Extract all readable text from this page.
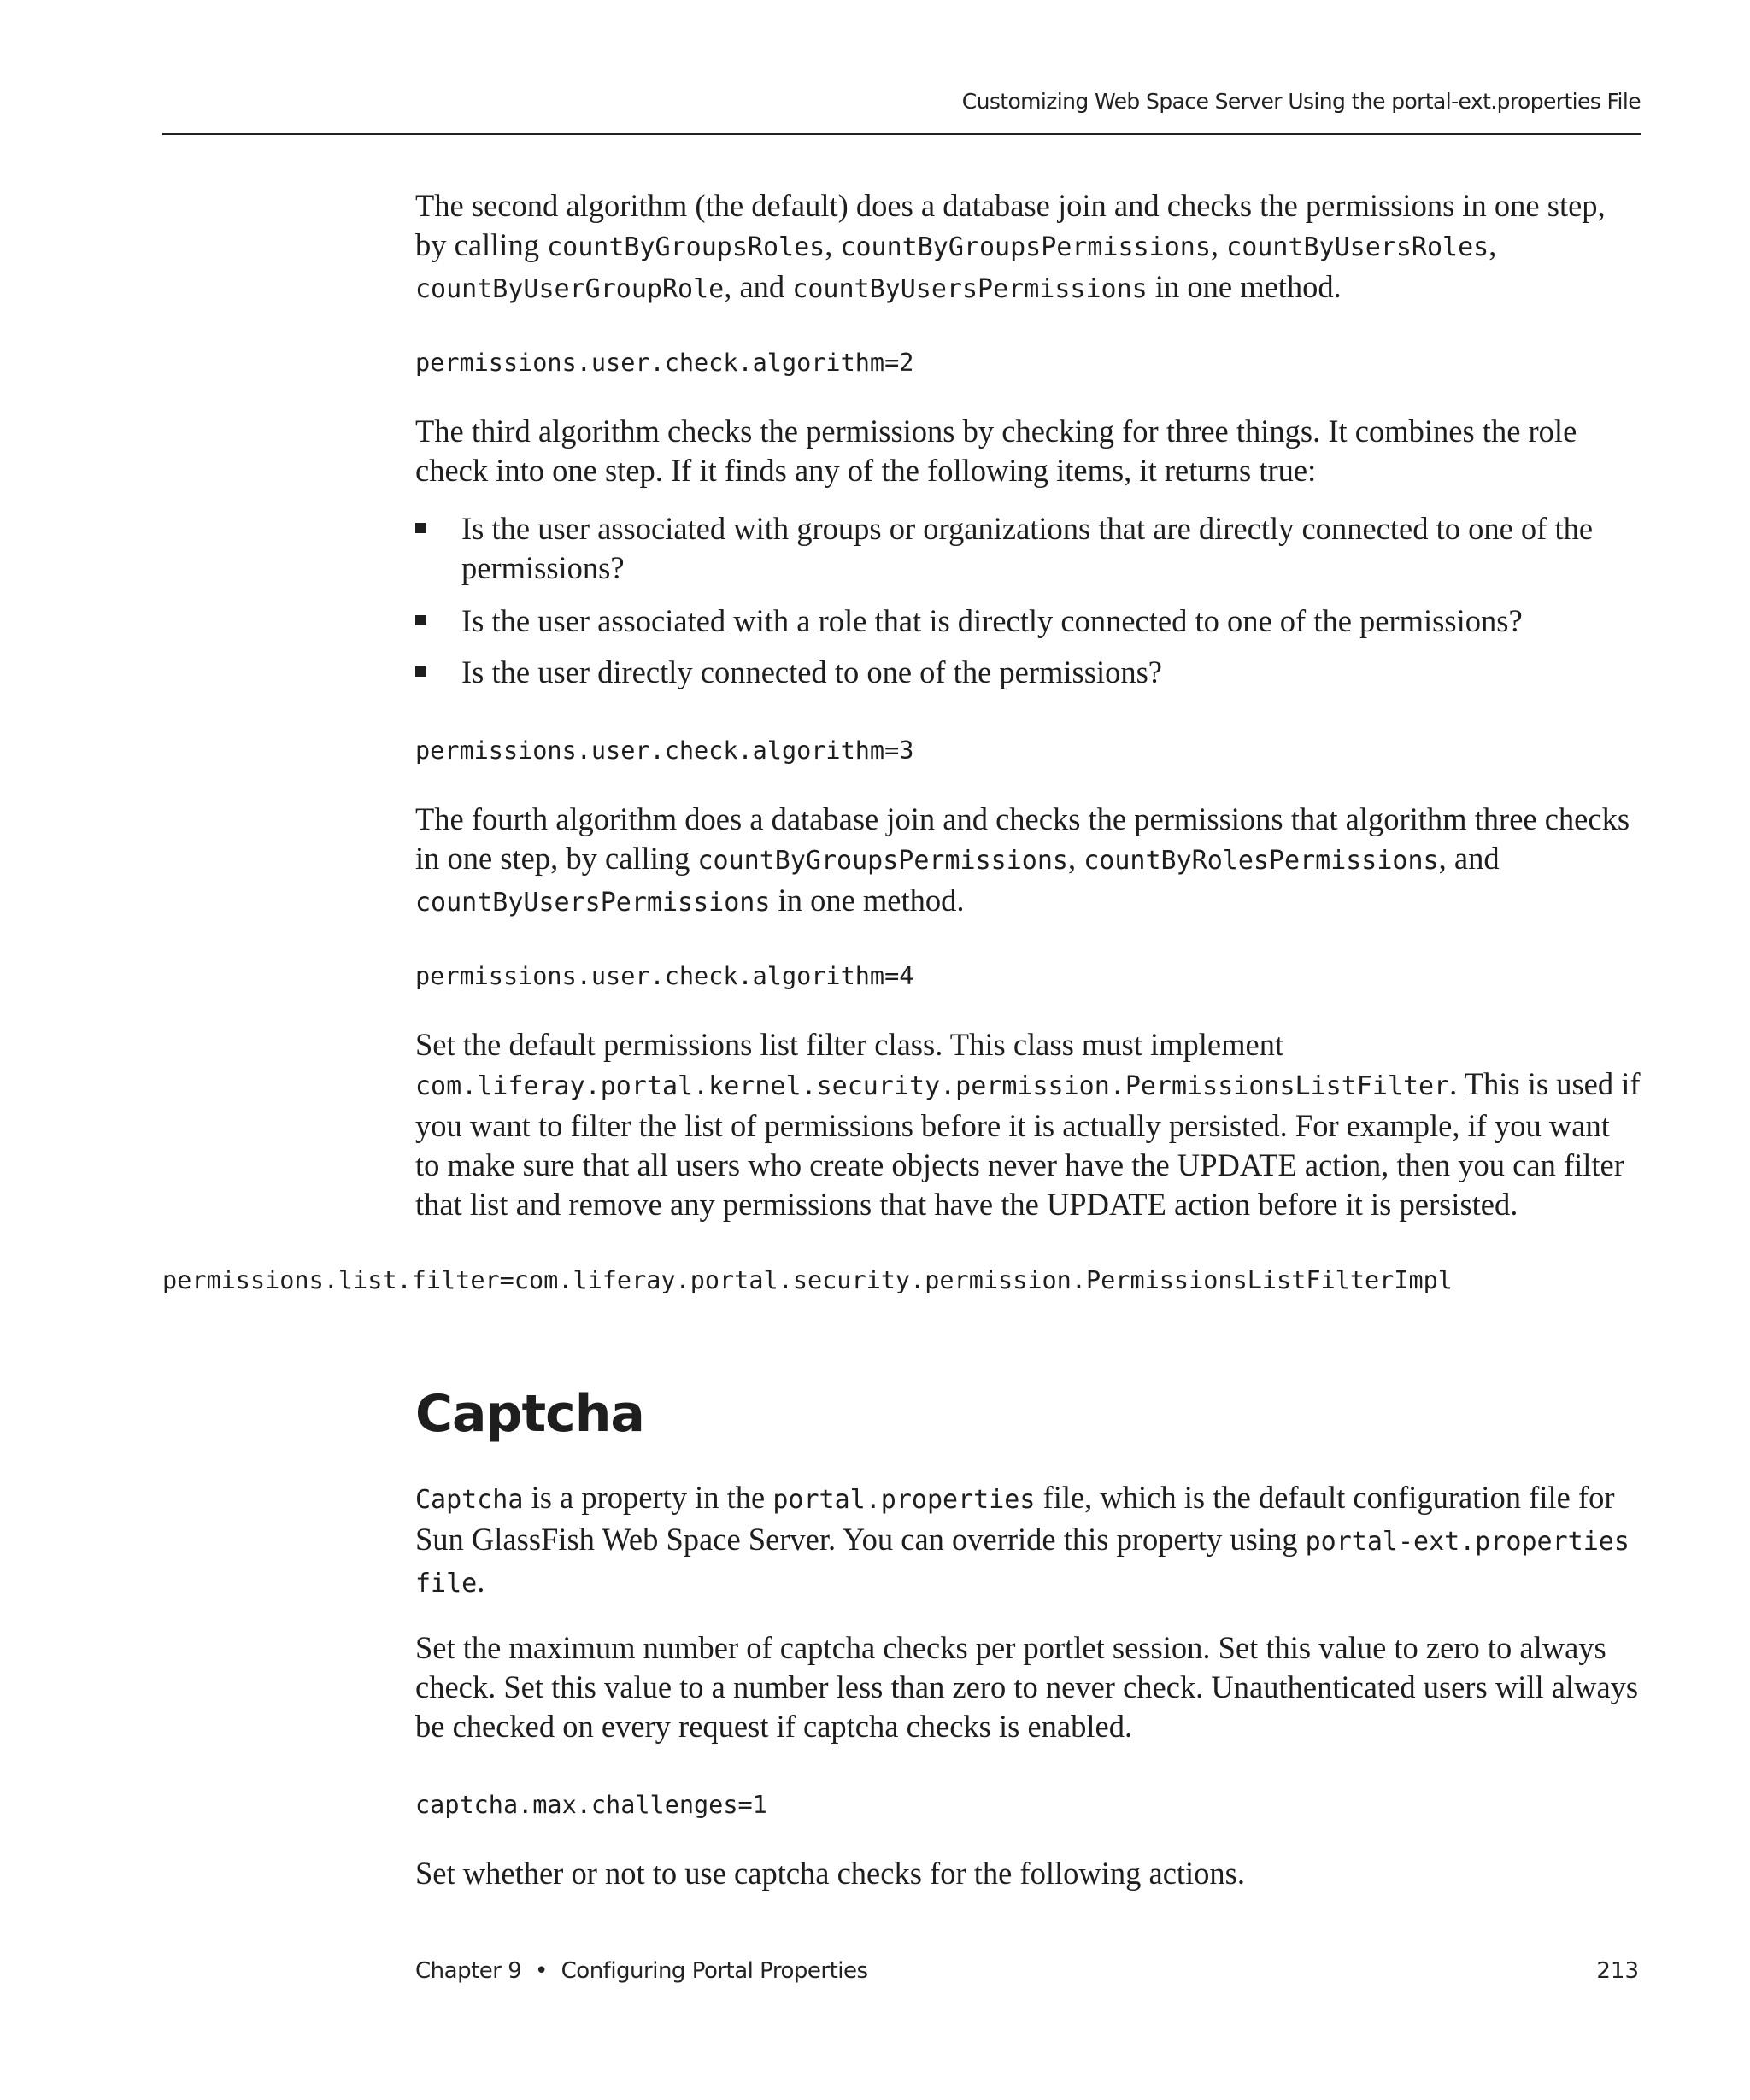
Customizing Web Space Server Using the portal-ext.properties File

The second algorithm (the default) does a database join and checks the permissions in one step, by calling countByGroupsRoles, countByGroupsPermissions, countByUsersRoles, countByUserGroupRole, and countByUsersPermissions in one method.

permissions.user.check.algorithm=2

The third algorithm checks the permissions by checking for three things. It combines the role check into one step. If it finds any of the following items, it returns true:

Is the user associated with groups or organizations that are directly connected to one of the permissions?

Is the user associated with a role that is directly connected to one of the permissions?

Is the user directly connected to one of the permissions?

permissions.user.check.algorithm=3

The fourth algorithm does a database join and checks the permissions that algorithm three checks in one step, by calling countByGroupsPermissions, countByRolesPermissions, and countByUsersPermissions in one method.

permissions.user.check.algorithm=4

Set the default permissions list filter class. This class must implement com.liferay.portal.kernel.security.permission.PermissionsListFilter. This is used if you want to filter the list of permissions before it is actually persisted. For example, if you want to make sure that all users who create objects never have the UPDATE action, then you can filter that list and remove any permissions that have the UPDATE action before it is persisted.

permissions.list.filter=com.liferay.portal.security.permission.PermissionsListFilterImpl
Captcha

Captcha is a property in the portal.properties file, which is the default configuration file for Sun GlassFish Web Space Server. You can override this property using portal-ext.properties file.

Set the maximum number of captcha checks per portlet session. Set this value to zero to always check. Set this value to a number less than zero to never check. Unauthenticated users will always be checked on every request if captcha checks is enabled.

captcha.max.challenges=1

Set whether or not to use captcha checks for the following actions.

Chapter 9 • Configuring Portal Properties	213
